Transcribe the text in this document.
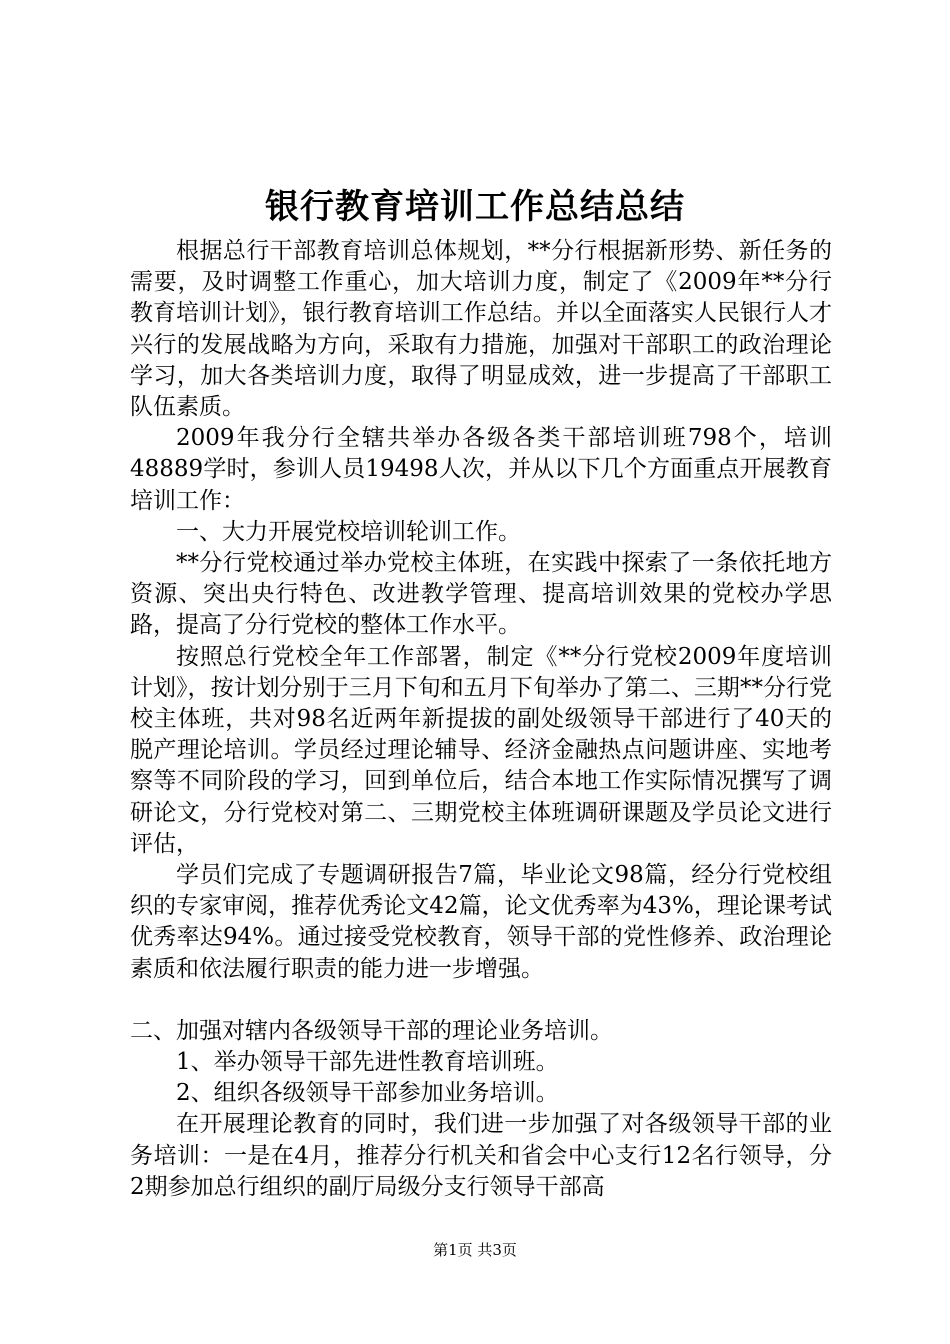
银行教育培训工作总结总结

根据总行干部教育培训总体规划，**分行根据新形势、新任务的需要，及时调整工作重心，加大培训力度，制定了《2009年**分行教育培训计划》，银行教育培训工作总结。并以全面落实人民银行人才兴行的发展战略为方向，采取有力措施，加强对干部职工的政治理论学习，加大各类培训力度，取得了明显成效，进一步提高了干部职工队伍素质。

2009年我分行全辖共举办各级各类干部培训班798个，培训48889学时，参训人员19498人次，并从以下几个方面重点开展教育培训工作：

一、大力开展党校培训轮训工作。

**分行党校通过举办党校主体班，在实践中探索了一条依托地方资源、突出央行特色、改进教学管理、提高培训效果的党校办学思路，提高了分行党校的整体工作水平。

按照总行党校全年工作部署，制定《**分行党校2009年度培训计划》，按计划分别于三月下旬和五月下旬举办了第二、三期**分行党校主体班，共对98名近两年新提拔的副处级领导干部进行了40天的脱产理论培训。学员经过理论辅导、经济金融热点问题讲座、实地考察等不同阶段的学习，回到单位后，结合本地工作实际情况撰写了调研论文，分行党校对第二、三期党校主体班调研课题及学员论文进行评估，

学员们完成了专题调研报告7篇，毕业论文98篇，经分行党校组织的专家审阅，推荐优秀论文42篇，论文优秀率为43%，理论课考试优秀率达94%。通过接受党校教育，领导干部的党性修养、政治理论素质和依法履行职责的能力进一步增强。

二、加强对辖内各级领导干部的理论业务培训。

1、举办领导干部先进性教育培训班。

2、组织各级领导干部参加业务培训。

在开展理论教育的同时，我们进一步加强了对各级领导干部的业务培训：一是在4月，推荐分行机关和省会中心支行12名行领导，分2期参加总行组织的副厅局级分支行领导干部高

第1页 共3页
